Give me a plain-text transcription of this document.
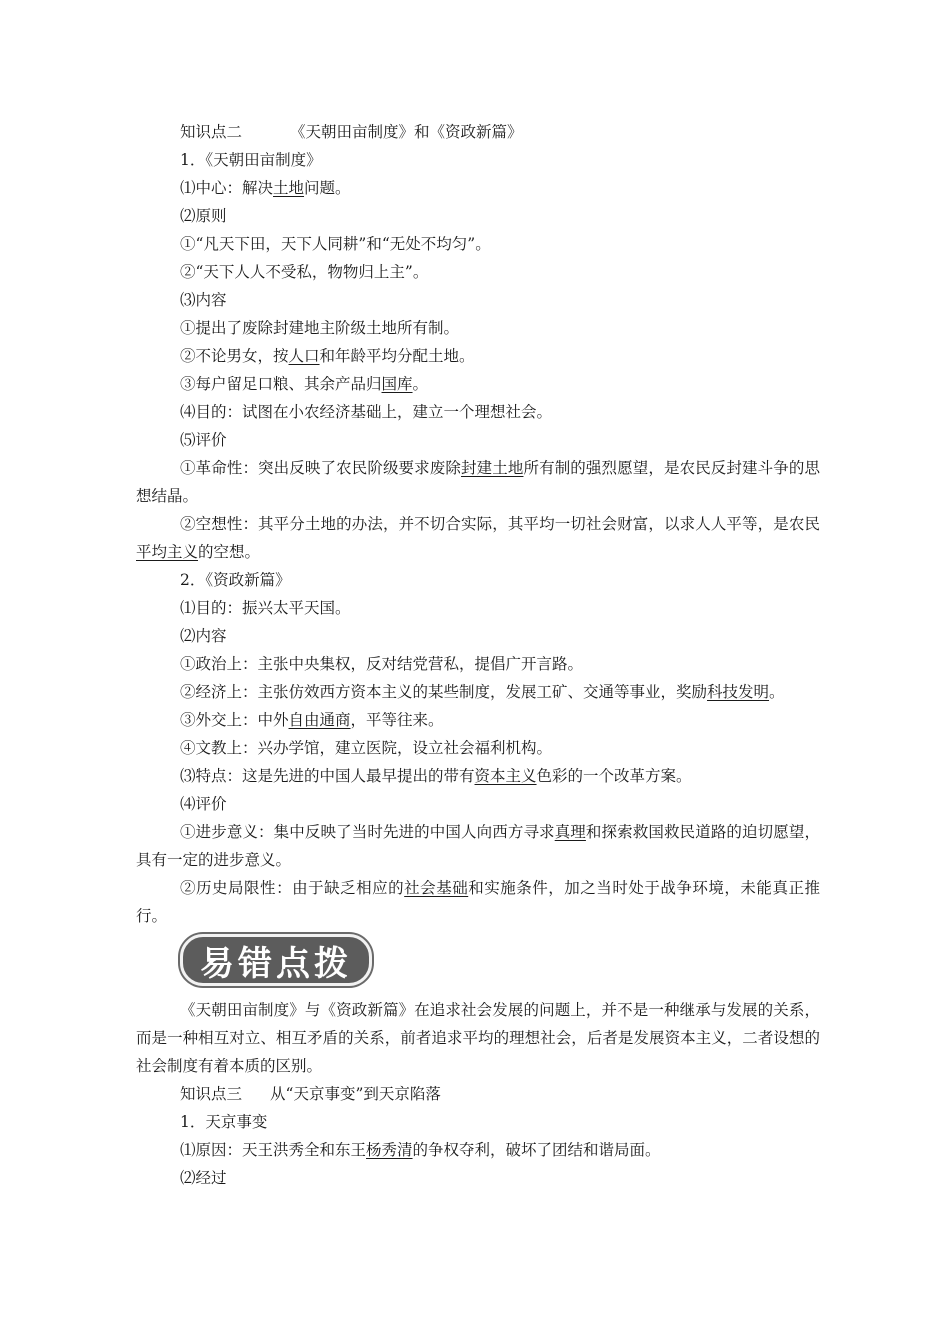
知识点二	《天朝田亩制度》和《资政新篇》
1．《天朝田亩制度》
⑴中心：解决土地问题。
⑵原则
①“凡天下田，天下人同耕”和“无处不均匀”。
②“天下人人不受私，物物归上主”。
⑶内容
①提出了废除封建地主阶级土地所有制。
②不论男女，按人口和年龄平均分配土地。
③每户留足口粮、其余产品归国库。
⑷目的：试图在小农经济基础上，建立一个理想社会。
⑸评价
①革命性：突出反映了农民阶级要求废除封建土地所有制的强烈愿望，是农民反封建斗争的思想结晶。
②空想性：其平分土地的办法，并不切合实际，其平均一切社会财富，以求人人平等，是农民平均主义的空想。
2．《资政新篇》
⑴目的：振兴太平天国。
⑵内容
①政治上：主张中央集权，反对结党营私，提倡广开言路。
②经济上：主张仿效西方资本主义的某些制度，发展工矿、交通等事业，奖励科技发明。
③外交上：中外自由通商，平等往来。
④文教上：兴办学馆，建立医院，设立社会福利机构。
⑶特点：这是先进的中国人最早提出的带有资本主义色彩的一个改革方案。
⑷评价
①进步意义：集中反映了当时先进的中国人向西方寻求真理和探索救国救民道路的迫切愿望，具有一定的进步意义。
②历史局限性：由于缺乏相应的社会基础和实施条件，加之当时处于战争环境，未能真正推行。
易错点拨
《天朝田亩制度》与《资政新篇》在追求社会发展的问题上，并不是一种继承与发展的关系，而是一种相互对立、相互矛盾的关系，前者追求平均的理想社会，后者是发展资本主义，二者设想的社会制度有着本质的区别。
知识点三 从“天京事变”到天京陷落
1．天京事变
⑴原因：天王洪秀全和东王杨秀清的争权夺利，破坏了团结和谐局面。
⑵经过
